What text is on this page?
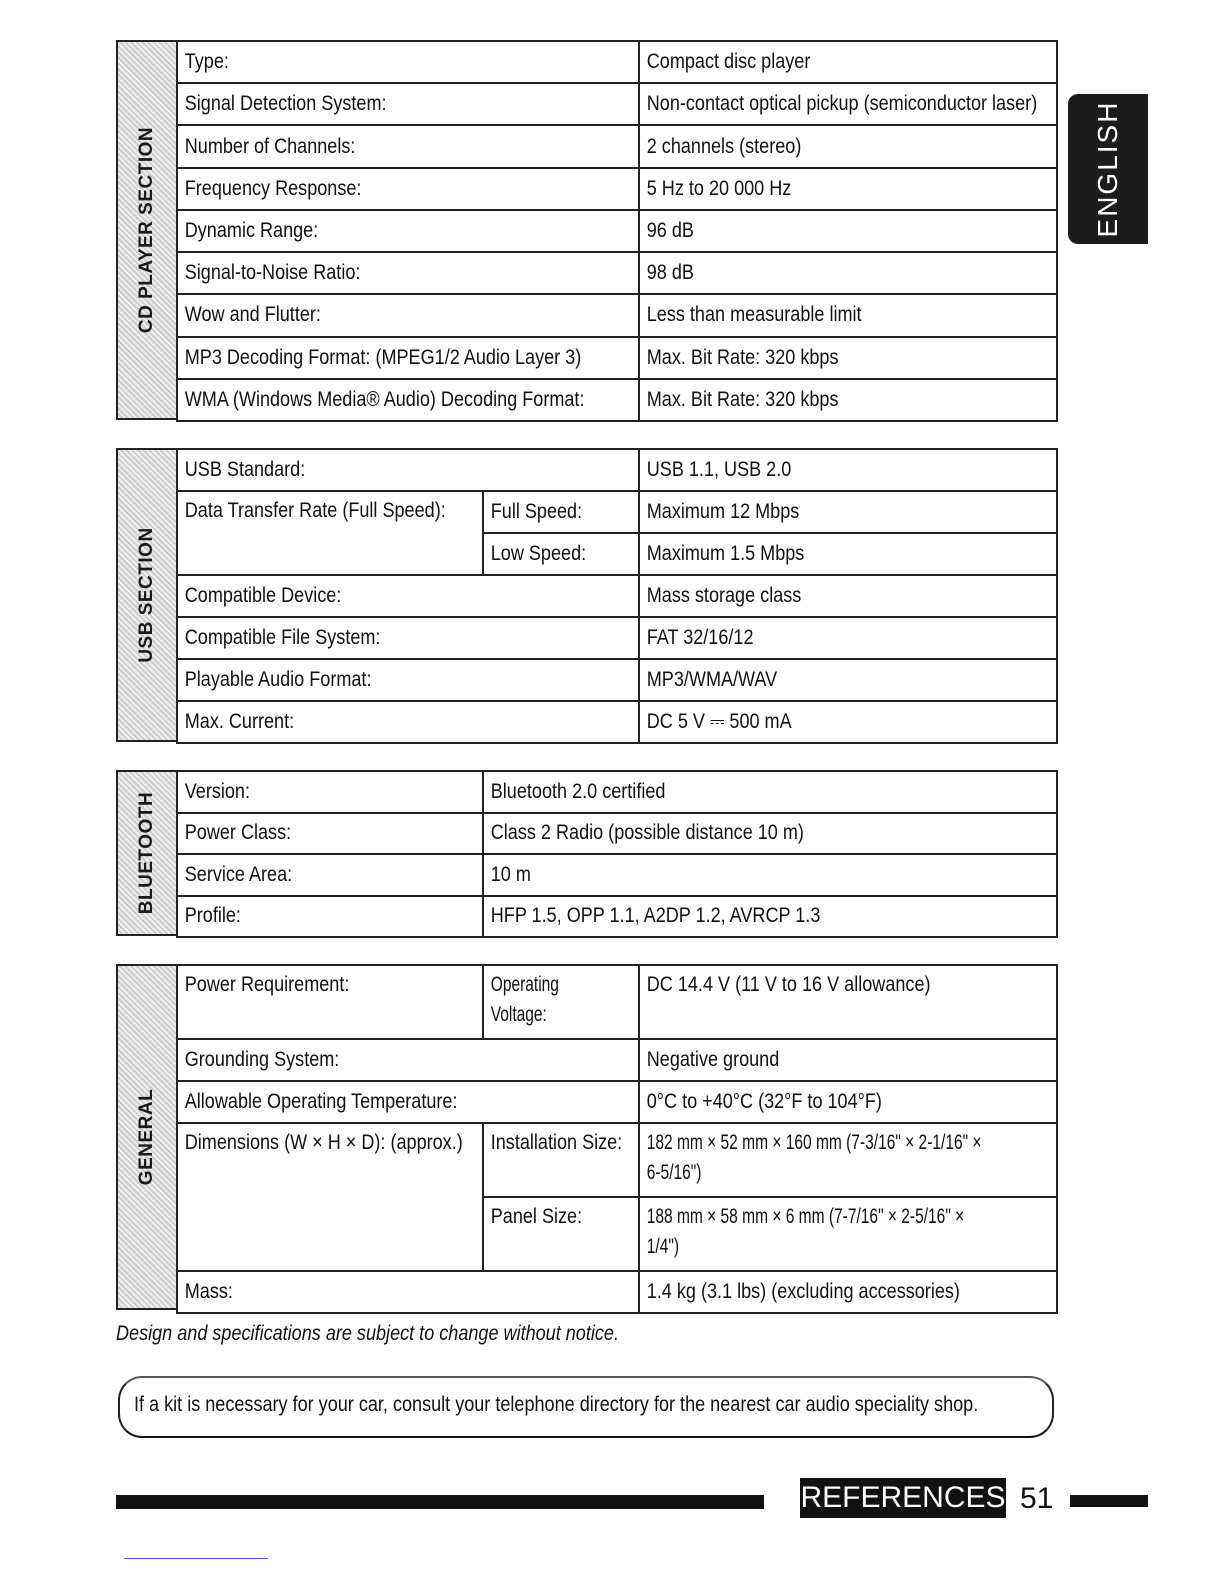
CD PLAYER SECTION
Type:	Compact disc player
Signal Detection System:	Non-contact optical pickup (semiconductor laser)
Number of Channels:	2 channels (stereo)
Frequency Response:	5 Hz to 20 000 Hz
Dynamic Range:	96 dB
Signal-to-Noise Ratio:	98 dB
Wow and Flutter:	Less than measurable limit
MP3 Decoding Format: (MPEG1/2 Audio Layer 3)	Max. Bit Rate: 320 kbps
WMA (Windows Media® Audio) Decoding Format:	Max. Bit Rate: 320 kbps
USB SECTION
USB Standard:		USB 1.1, USB 2.0
Data Transfer Rate (Full Speed):	Full Speed:	Maximum 12 Mbps
	Low Speed:	Maximum 1.5 Mbps
Compatible Device:		Mass storage class
Compatible File System:		FAT 32/16/12
Playable Audio Format:		MP3/WMA/WAV
Max. Current:		DC 5 V ⎓ 500 mA
BLUETOOTH
Version:	Bluetooth 2.0 certified
Power Class:	Class 2 Radio (possible distance 10 m)
Service Area:	10 m
Profile:	HFP 1.5, OPP 1.1, A2DP 1.2, AVRCP 1.3
GENERAL
Power Requirement:	Operating Voltage:	DC 14.4 V (11 V to 16 V allowance)
Grounding System:		Negative ground
Allowable Operating Temperature:		0°C to +40°C (32°F to 104°F)
Dimensions (W × H × D): (approx.)	Installation Size:	182 mm × 52 mm × 160 mm (7-3/16" × 2-1/16" × 6-5/16")
	Panel Size:	188 mm × 58 mm × 6 mm (7-7/16" × 2-5/16" × 1/4")
Mass:		1.4 kg (3.1 lbs) (excluding accessories)
Design and specifications are subject to change without notice.
If a kit is necessary for your car, consult your telephone directory for the nearest car audio speciality shop.
ENGLISH
REFERENCES 51
